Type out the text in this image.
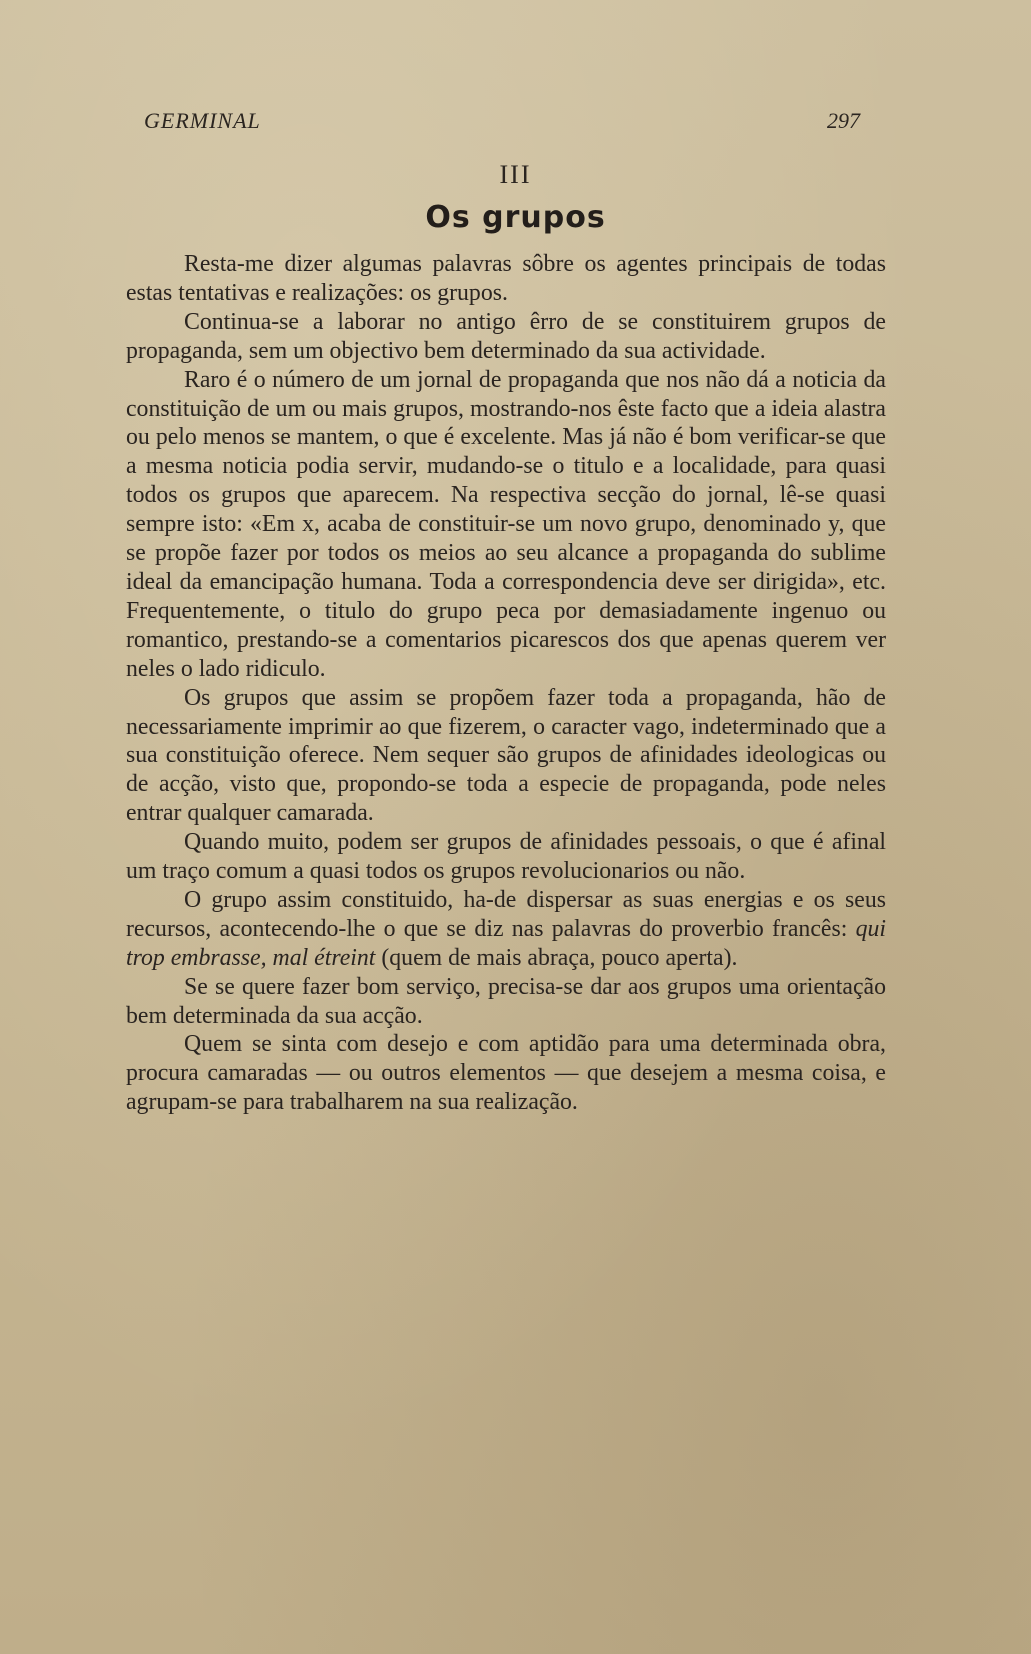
GERMINAL	297
III
Os grupos

Resta-me dizer algumas palavras sôbre os agentes principais de todas estas tentativas e realizações: os grupos.

Continua-se a laborar no antigo êrro de se constituirem grupos de propaganda, sem um objectivo bem determinado da sua actividade.

Raro é o número de um jornal de propaganda que nos não dá a noticia da constituição de um ou mais grupos, mostrando-nos êste facto que a ideia alastra ou pelo menos se mantem, o que é excelente. Mas já não é bom verificar-se que a mesma noticia podia servir, mudando-se o titulo e a localidade, para quasi todos os grupos que aparecem. Na respectiva secção do jornal, lê-se quasi sempre isto: «Em x, acaba de constituir-se um novo grupo, denominado y, que se propõe fazer por todos os meios ao seu alcance a propaganda do sublime ideal da emancipação humana. Toda a correspondencia deve ser dirigida», etc. Frequentemente, o titulo do grupo peca por demasiadamente ingenuo ou romantico, prestando-se a comentarios picarescos dos que apenas querem ver neles o lado ridiculo.

Os grupos que assim se propõem fazer toda a propaganda, hão de necessariamente imprimir ao que fizerem, o caracter vago, indeterminado que a sua constituição oferece. Nem sequer são grupos de afinidades ideologicas ou de acção, visto que, propondo-se toda a especie de propaganda, pode neles entrar qualquer camarada.

Quando muito, podem ser grupos de afinidades pessoais, o que é afinal um traço comum a quasi todos os grupos revolucionarios ou não.

O grupo assim constituido, ha-de dispersar as suas energias e os seus recursos, acontecendo-lhe o que se diz nas palavras do proverbio francês: qui trop embrasse, mal étreint (quem de mais abraça, pouco aperta).

Se se quere fazer bom serviço, precisa-se dar aos grupos uma orientação bem determinada da sua acção.

Quem se sinta com desejo e com aptidão para uma determinada obra, procura camaradas — ou outros elementos — que desejem a mesma coisa, e agrupam-se para trabalharem na sua realização.
